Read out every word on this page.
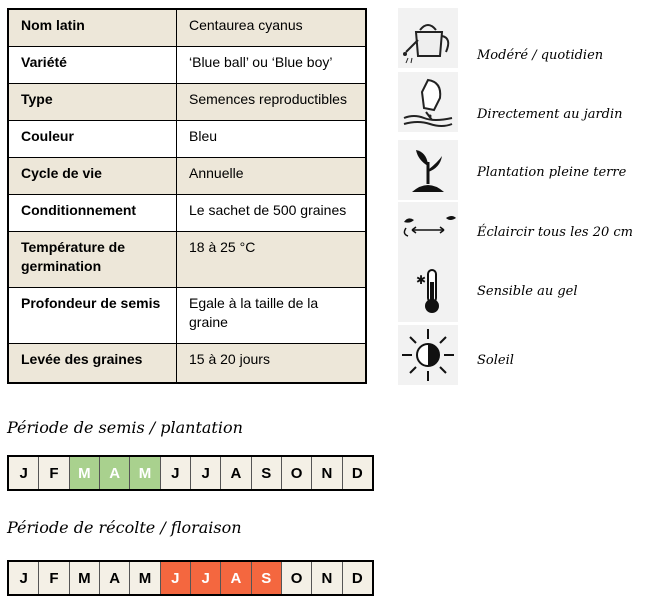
Nom latin	Centaurea cyanus
Variété	‘Blue ball’ ou ‘Blue boy’
Type	Semences reproductibles
Couleur	Bleu
Cycle de vie	Annuelle
Conditionnement	Le sachet de 500 graines
Température de germination	18 à 25 °C
Profondeur de semis	Egale à la taille de la graine
Levée des graines	15 à 20 jours
Modéré / quotidien
Directement au jardin
Plantation pleine terre
Éclaircir tous les 20 cm
✱
Sensible au gel
Soleil
Période de semis / plantation
J	F	M	A	M	J	J	A	S	O	N	D
Période de récolte / floraison
J	F	M	A	M	J	J	A	S	O	N	D
